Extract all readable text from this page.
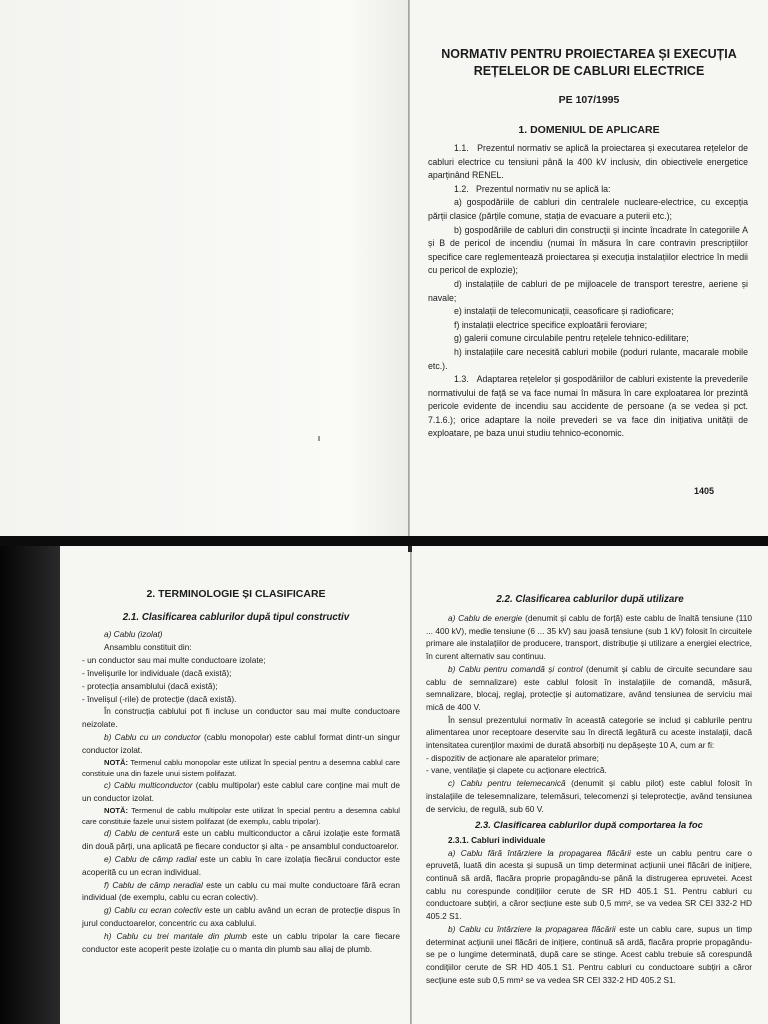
NORMATIV PENTRU PROIECTAREA ȘI EXECUȚIA
REȚELELOR DE CABLURI ELECTRICE
PE 107/1995
1. DOMENIUL DE APLICARE

1.1. Prezentul normativ se aplică la proiectarea și executarea rețelelor de cabluri electrice cu tensiuni până la 400 kV inclusiv, din obiectivele energetice aparținând RENEL.

1.2. Prezentul normativ nu se aplică la:

a) gospodăriile de cabluri din centralele nucleare-electrice, cu excepția părții clasice (părțile comune, stația de evacuare a puterii etc.);

b) gospodăriile de cabluri din construcții și incinte încadrate în categoriile A și B de pericol de incendiu (numai în măsura în care contravin prescripțiilor specifice care reglementează proiectarea și execuția instalațiilor electrice în medii cu pericol de explozie);

d) instalațiile de cabluri de pe mijloacele de transport terestre, aeriene și navale;

e) instalații de telecomunicații, ceasoficare și radioficare;

f) instalații electrice specifice exploatării feroviare;

g) galerii comune circulabile pentru rețelele tehnico-edilitare;

h) instalațiile care necesită cabluri mobile (poduri rulante, macarale mobile etc.).

1.3. Adaptarea rețelelor și gospodăriilor de cabluri existente la prevederile normativului de față se va face numai în măsura în care exploatarea lor prezintă pericole evidente de incendiu sau accidente de persoane (a se vedea și pct. 7.1.6.); orice adaptare la noile prevederi se va face din inițiativa unității de exploatare, pe baza unui studiu tehnico-economic.

1405
2. TERMINOLOGIE ȘI CLASIFICARE
2.1. Clasificarea cablurilor după tipul constructiv

a) Cablu (izolat)

Ansamblu constituit din:

- un conductor sau mai multe conductoare izolate;

- învelișurile lor individuale (dacă există);

- protecția ansamblului (dacă există);

- învelișul (-rile) de protecție (dacă există).

În construcția cablului pot fi incluse un conductor sau mai multe conductoare neizolate.

b) Cablu cu un conductor (cablu monopolar) este cablul format dintr-un singur conductor izolat.

NOTĂ: Termenul cablu monopolar este utilizat în special pentru a desemna cablul care constituie una din fazele unui sistem polifazat.

c) Cablu multiconductor (cablu multipolar) este cablul care conține mai mult de un conductor izolat.

NOTĂ: Termenul de cablu multipolar este utilizat în special pentru a desemna cablul care constituie fazele unui sistem polifazat (de exemplu, cablu tripolar).

d) Cablu de centură este un cablu multiconductor a cărui izolație este formată din două părți, una aplicată pe fiecare conductor și alta - pe ansamblul conductoarelor.

e) Cablu de câmp radial este un cablu în care izolația fiecărui conductor este acoperită cu un ecran individual.

f) Cablu de câmp neradial este un cablu cu mai multe conductoare fără ecran individual (de exemplu, cablu cu ecran colectiv).

g) Cablu cu ecran colectiv este un cablu având un ecran de protecție dispus în jurul conductoarelor, concentric cu axa cablului.

h) Cablu cu trei mantale din plumb este un cablu tripolar la care fiecare conductor este acoperit peste izolație cu o manta din plumb sau aliaj de plumb.

2.2. Clasificarea cablurilor după utilizare

a) Cablu de energie (denumit și cablu de forță) este cablu de înaltă tensiune (110 ... 400 kV), medie tensiune (6 ... 35 kV) sau joasă tensiune (sub 1 kV) folosit în circuitele primare ale instalațiilor de producere, transport, distribuție și utilizare a energiei electrice, în curent alternativ sau continuu.

b) Cablu pentru comandă și control (denumit și cablu de circuite secundare sau cablu de semnalizare) este cablul folosit în instalațiile de comandă, măsură, semnalizare, blocaj, reglaj, protecție și automatizare, având tensiunea de serviciu mai mică de 400 V.

În sensul prezentului normativ în această categorie se includ și cablurile pentru alimentarea unor receptoare deservite sau în directă legătură cu aceste instalații, dacă intensitatea curenților maximi de durată absorbiți nu depășește 10 A, cum ar fi:

- dispozitiv de acționare ale aparatelor primare;

- vane, ventilație și clapete cu acționare electrică.

c) Cablu pentru telemecanică (denumit și cablu pilot) este cablul folosit în instalațiile de telesemnalizare, telemăsuri, telecomenzi și teleprotecție, având tensiunea de serviciu, de regulă, sub 60 V.

2.3. Clasificarea cablurilor după comportarea la foc

2.3.1. Cabluri individuale

a) Cablu fără întârziere la propagarea flăcării este un cablu pentru care o epruvetă, luată din acesta și supusă un timp determinat acțiunii unei flăcări de inițiere, continuă să ardă, flacăra proprie propagându-se până la distrugerea epruvetei. Acest cablu nu corespunde condițiilor cerute de SR HD 405.1 S1. Pentru cabluri cu conductoare subțiri, a căror secțiune este sub 0,5 mm², se va vedea SR CEI 332-2 HD 405.2 S1.

b) Cablu cu întârziere la propagarea flăcării este un cablu care, supus un timp determinat acțiunii unei flăcări de inițiere, continuă să ardă, flacăra proprie propagându-se pe o lungime determinată, după care se stinge. Acest cablu trebuie să corespundă condițiilor cerute de SR HD 405.1 S1. Pentru cabluri cu conductoare subțiri a căror secțiune este sub 0,5 mm² se va vedea SR CEI 332-2 HD 405.2 S1.
